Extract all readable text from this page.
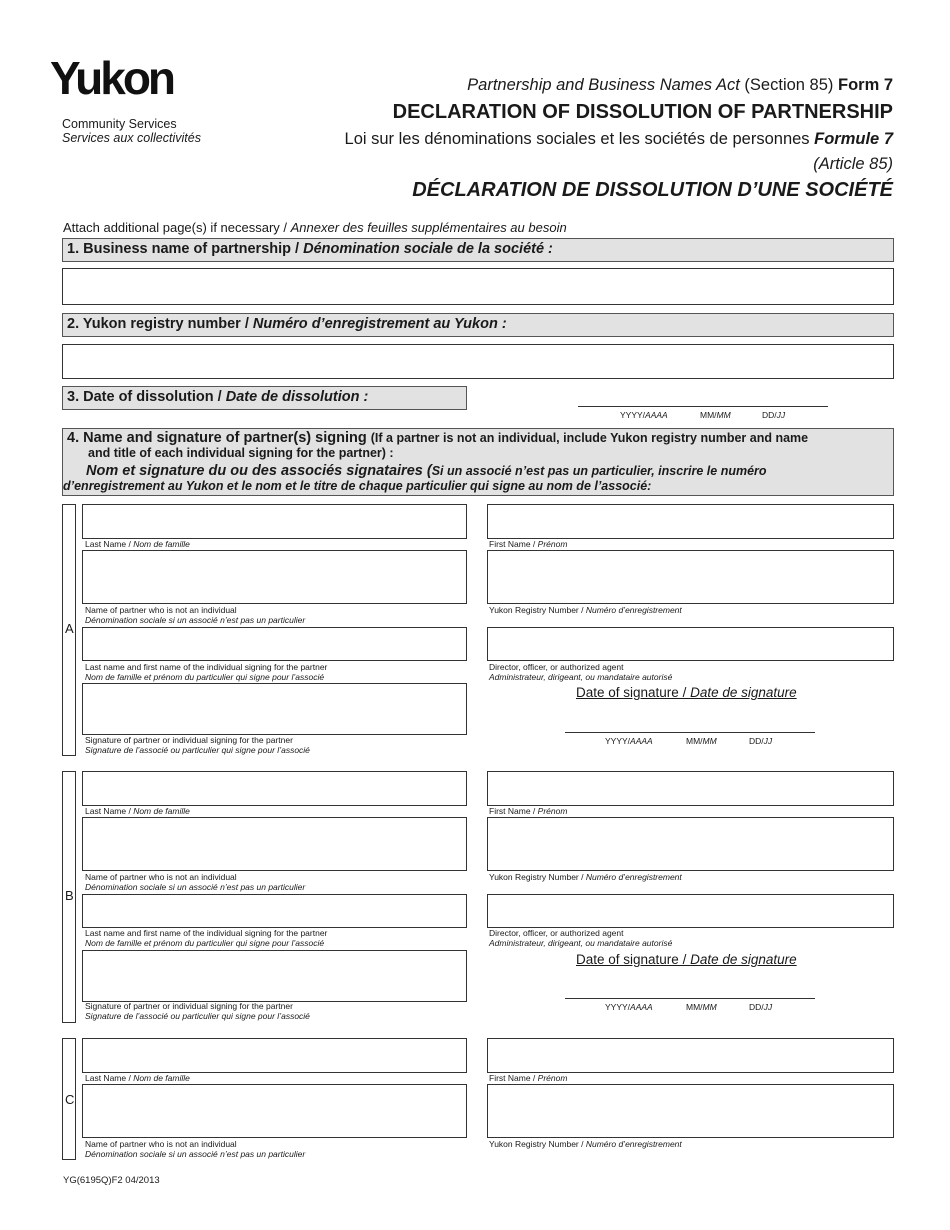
Yukon
Community Services
Services aux collectivités
Partnership and Business Names Act (Section 85) Form 7
DECLARATION OF DISSOLUTION OF PARTNERSHIP
Loi sur les dénominations sociales et les sociétés de personnes Formule 7
(Article 85)
DÉCLARATION DE DISSOLUTION D’UNE SOCIÉTÉ
Attach additional page(s) if necessary / Annexer des feuilles supplémentaires au besoin
1. Business name of partnership / Dénomination sociale de la société :
2. Yukon registry number / Numéro d’enregistrement au Yukon :
3. Date of dissolution / Date de dissolution :
YYYY/AAAA	MM/MM	DD/JJ
4. Name and signature of partner(s) signing (If a partner is not an individual, include Yukon registry number and name
and title of each individual signing for the partner) :
Nom et signature du ou des associés signataires (Si un associé n’est pas un particulier, inscrire le numéro
d’enregistrement au Yukon et le nom et le titre de chaque particulier qui signe au nom de l’associé:
A
Last Name / Nom de famille	First Name / Prénom
Name of partner who is not an individual
Dénomination sociale si un associé n’est pas un particulier
Yukon Registry Number / Numéro d’enregistrement
Last name and first name of the individual signing for the partner
Nom de famille et prénom du particulier qui signe pour l’associé
Director, officer, or authorized agent
Administrateur, dirigeant, ou mandataire autorisé
Signature of partner or individual signing for the partner
Signature de l’associé ou particulier qui signe pour l’associé
Date of signature / Date de signature
YYYY/AAAA	MM/MM	DD/JJ
B
Last Name / Nom de famille	First Name / Prénom
Name of partner who is not an individual
Dénomination sociale si un associé n’est pas un particulier
Yukon Registry Number / Numéro d’enregistrement
Last name and first name of the individual signing for the partner
Nom de famille et prénom du particulier qui signe pour l’associé
Director, officer, or authorized agent
Administrateur, dirigeant, ou mandataire autorisé
Signature of partner or individual signing for the partner
Signature de l’associé ou particulier qui signe pour l’associé
Date of signature / Date de signature
YYYY/AAAA	MM/MM	DD/JJ
C
Last Name / Nom de famille	First Name / Prénom
Name of partner who is not an individual
Dénomination sociale si un associé n’est pas un particulier
Yukon Registry Number / Numéro d’enregistrement
YG(6195Q)F2 04/2013
